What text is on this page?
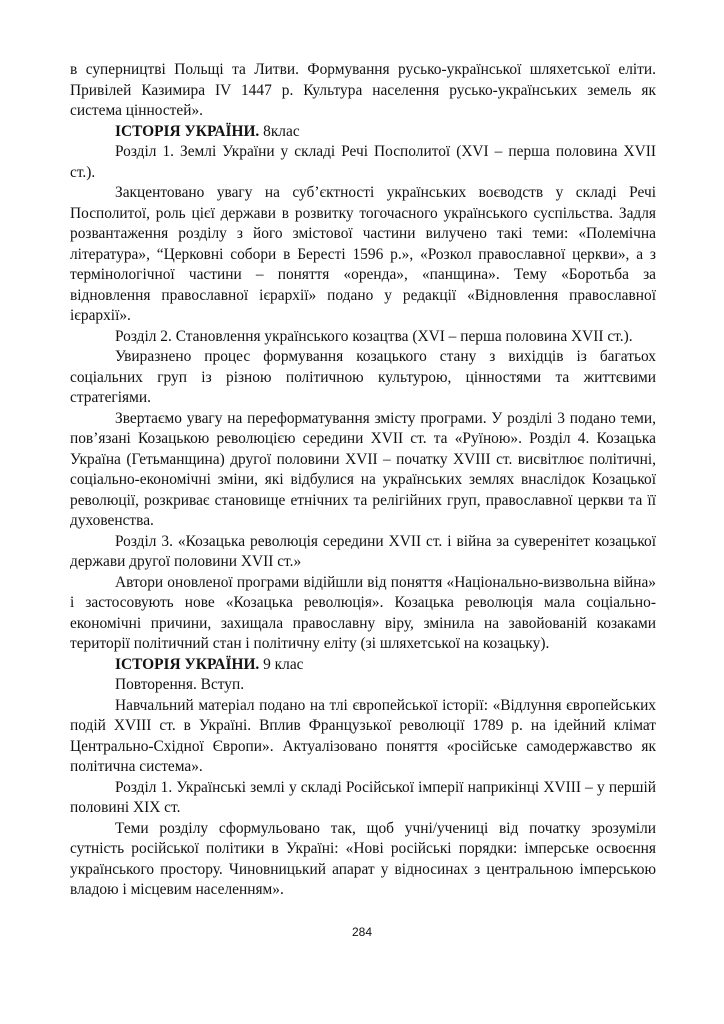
в суперництві Польщі та Литви. Формування русько-української шляхетської еліти. Привілей Казимира IV 1447 р. Культура населення русько-українських земель як система цінностей».

ІСТОРІЯ УКРАЇНИ. 8клас

Розділ 1. Землі України у складі Речі Посполитої (XVI – перша половина XVII ст.).

Закцентовано увагу на суб’єктності українських воєводств у складі Речі Посполитої, роль цієї держави в розвитку тогочасного українського суспільства. Задля розвантаження розділу з його змістової частини вилучено такі теми: «Полемічна література», “Церковні собори в Бересті 1596 р.», «Розкол православної церкви», а з термінологічної частини – поняття «оренда», «панщина». Тему «Боротьба за відновлення православної ієрархії» подано у редакції «Відновлення православної ієрархії».

Розділ 2. Становлення українського козацтва (XVI – перша половина XVII ст.).

Увиразнено процес формування козацького стану з вихідців із багатьох соціальних груп із різною політичною культурою, цінностями та життєвими стратегіями.

Звертаємо увагу на переформатування змісту програми. У розділі 3 подано теми, пов’язані Козацькою революцією середини XVII ст. та «Руїною». Розділ 4. Козацька Україна (Гетьманщина) другої половини XVII – початку XVIII ст. висвітлює політичні, соціально-економічні зміни, які відбулися на українських землях внаслідок Козацької революції, розкриває становище етнічних та релігійних груп, православної церкви та її духовенства.

Розділ 3. «Козацька революція середини XVII ст. і війна за суверенітет козацької держави другої половини XVII ст.»

Автори оновленої програми відійшли від поняття «Національно-визвольна війна» і застосовують нове «Козацька революція». Козацька революція мала соціально-економічні причини, захищала православну віру, змінила на завойованій козаками території політичний стан і політичну еліту (зі шляхетської на козацьку).

ІСТОРІЯ УКРАЇНИ. 9 клас

Повторення. Вступ.

Навчальний матеріал подано на тлі європейської історії: «Відлуння європейських подій XVIII ст. в Україні. Вплив Французької революції 1789 р. на ідейний клімат Центрально-Східної Європи». Актуалізовано поняття «російське самодержавство як політична система».

Розділ 1. Українські землі у складі Російської імперії наприкінці XVIII – у першій половині XIX ст.

Теми розділу сформульовано так, щоб учні/учениці від початку зрозуміли сутність російської політики в Україні: «Нові російські порядки: імперське освоєння українського простору. Чиновницький апарат у відносинах з центральною імперською владою і місцевим населенням».

284
